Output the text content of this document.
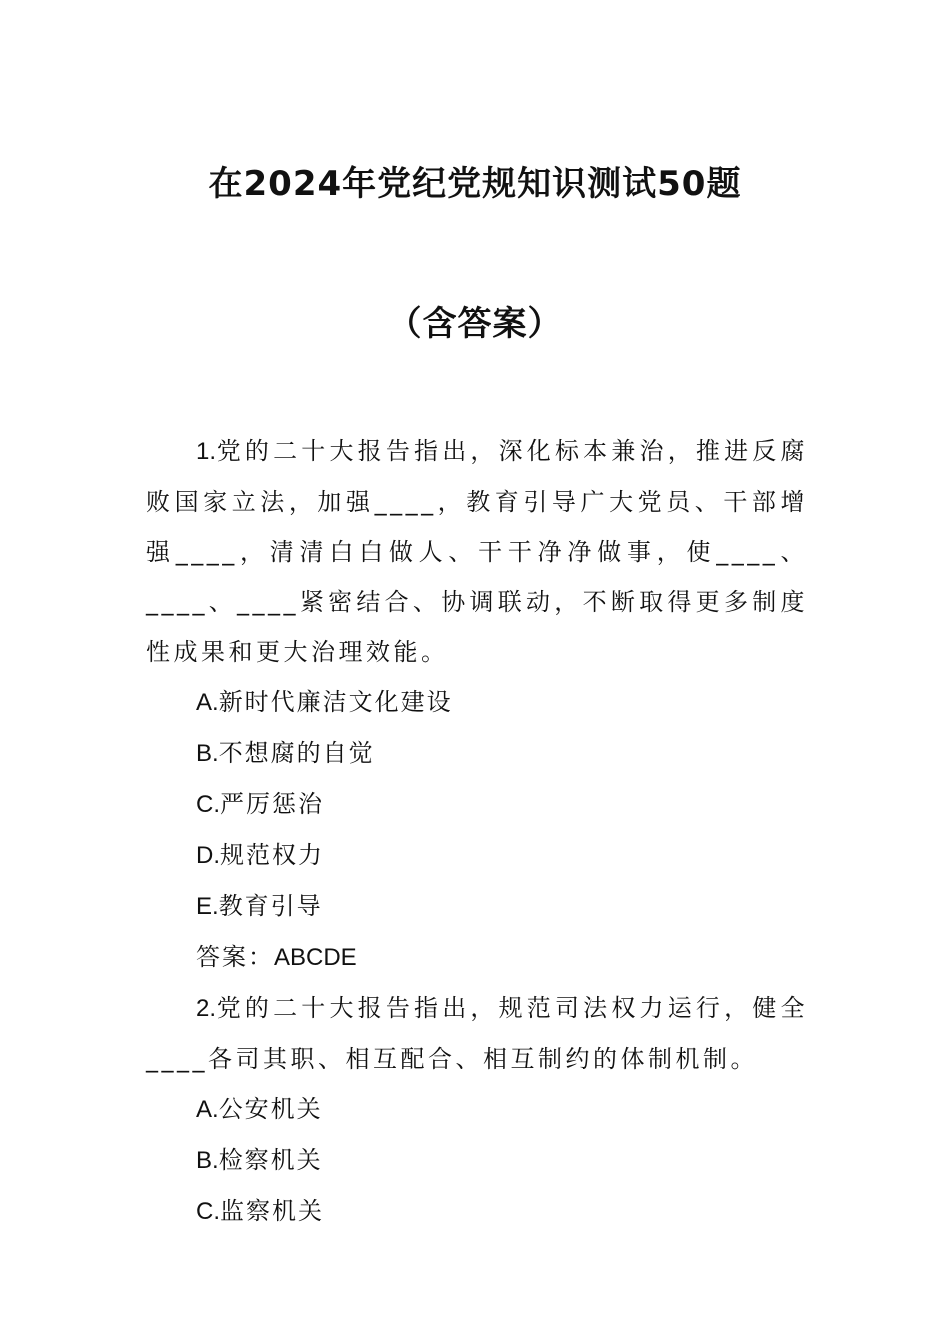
在2024年党纪党规知识测试50题
（含答案）

1.党的二十大报告指出，深化标本兼治，推进反腐败国家立法，加强____，教育引导广大党员、干部增强____，清清白白做人、干干净净做事，使____、____、____紧密结合、协调联动，不断取得更多制度性成果和更大治理效能。

A.新时代廉洁文化建设

B.不想腐的自觉

C.严厉惩治

D.规范权力

E.教育引导

答案：ABCDE

2.党的二十大报告指出，规范司法权力运行，健全____各司其职、相互配合、相互制约的体制机制。

A.公安机关

B.检察机关

C.监察机关
